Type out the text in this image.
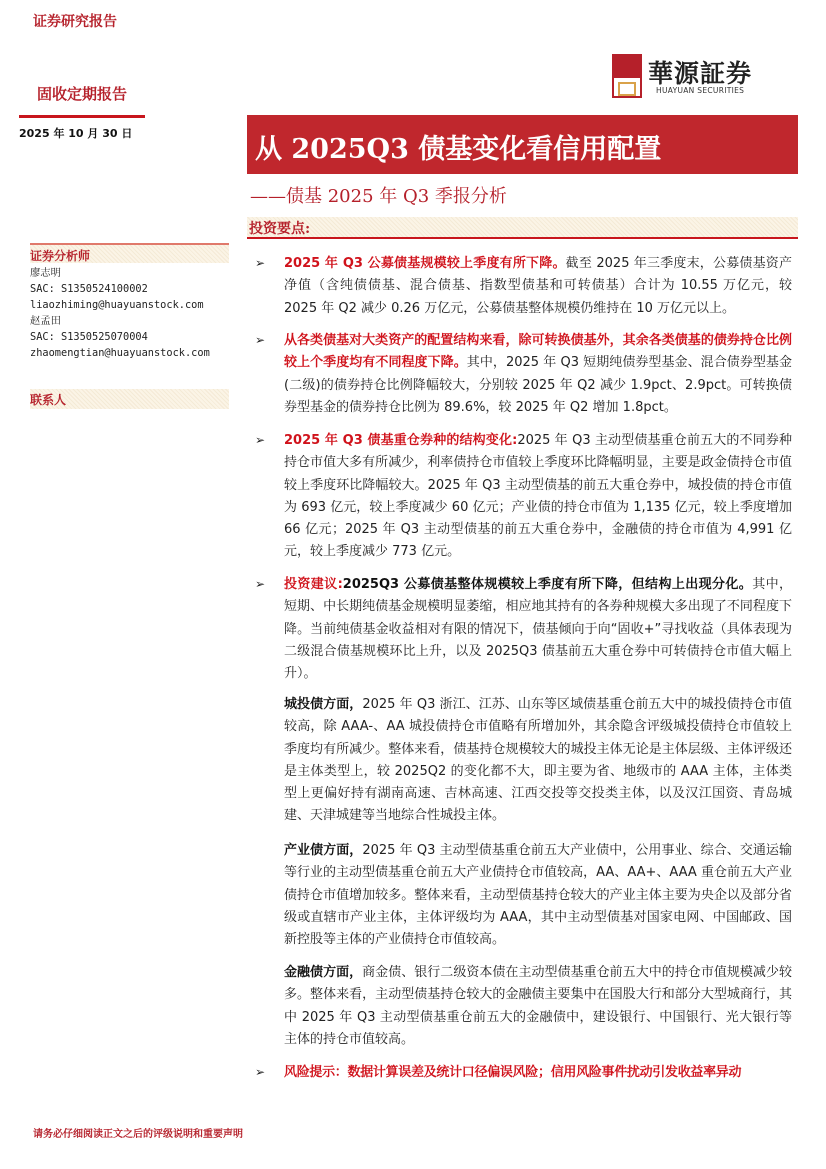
证券研究报告
固收定期报告
2025 年 10 月 30 日
華源証券
HUAYUAN SECURITIES
从 2025Q3 债基变化看信用配置
——债基 2025 年 Q3 季报分析
投资要点:
证券分析师
廖志明
SAC: S1350524100002
liaozhiming@huayuanstock.com
赵孟田
SAC: S1350525070004
zhaomengtian@huayuanstock.com
联系人
➢ 2025 年 Q3 公募债基规模较上季度有所下降。截至 2025 年三季度末，公募债基资产净值（含纯债债基、混合债基、指数型债基和可转债基）合计为 10.55 万亿元，较 2025 年 Q2 减少 0.26 万亿元，公募债基整体规模仍维持在 10 万亿元以上。
➢ 从各类债基对大类资产的配置结构来看，除可转换债基外，其余各类债基的债券持仓比例较上个季度均有不同程度下降。其中，2025 年 Q3 短期纯债券型基金、混合债券型基金(二级)的债券持仓比例降幅较大，分别较 2025 年 Q2 减少 1.9pct、2.9pct。可转换债券型基金的债券持仓比例为 89.6%，较 2025 年 Q2 增加 1.8pct。
➢ 2025 年 Q3 债基重仓券种的结构变化:2025 年 Q3 主动型债基重仓前五大的不同券种持仓市值大多有所减少，利率债持仓市值较上季度环比降幅明显，主要是政金债持仓市值较上季度环比降幅较大。2025 年 Q3 主动型债基的前五大重仓券中，城投债的持仓市值为 693 亿元，较上季度减少 60 亿元；产业债的持仓市值为 1,135 亿元，较上季度增加 66 亿元；2025 年 Q3 主动型债基的前五大重仓券中，金融债的持仓市值为 4,991 亿元，较上季度减少 773 亿元。
➢ 投资建议:2025Q3 公募债基整体规模较上季度有所下降，但结构上出现分化。其中，短期、中长期纯债基金规模明显萎缩，相应地其持有的各券种规模大多出现了不同程度下降。当前纯债基金收益相对有限的情况下，债基倾向于向“固收+”寻找收益（具体表现为二级混合债基规模环比上升，以及 2025Q3 债基前五大重仓券中可转债持仓市值大幅上升）。
城投债方面，2025 年 Q3 浙江、江苏、山东等区域债基重仓前五大中的城投债持仓市值较高，除 AAA-、AA 城投债持仓市值略有所增加外，其余隐含评级城投债持仓市值较上季度均有所减少。整体来看，债基持仓规模较大的城投主体无论是主体层级、主体评级还是主体类型上，较 2025Q2 的变化都不大，即主要为省、地级市的 AAA 主体，主体类型上更偏好持有湖南高速、吉林高速、江西交投等交投类主体，以及汉江国资、青岛城建、天津城建等当地综合性城投主体。
产业债方面，2025 年 Q3 主动型债基重仓前五大产业债中，公用事业、综合、交通运输等行业的主动型债基重仓前五大产业债持仓市值较高，AA、AA+、AAA 重仓前五大产业债持仓市值增加较多。整体来看，主动型债基持仓较大的产业主体主要为央企以及部分省级或直辖市产业主体，主体评级均为 AAA，其中主动型债基对国家电网、中国邮政、国新控股等主体的产业债持仓市值较高。
金融债方面，商金债、银行二级资本债在主动型债基重仓前五大中的持仓市值规模减少较多。整体来看，主动型债基持仓较大的金融债主要集中在国股大行和部分大型城商行，其中 2025 年 Q3 主动型债基重仓前五大的金融债中，建设银行、中国银行、光大银行等主体的持仓市值较高。
➢ 风险提示：数据计算误差及统计口径偏误风险；信用风险事件扰动引发收益率异动
请务必仔细阅读正文之后的评级说明和重要声明
